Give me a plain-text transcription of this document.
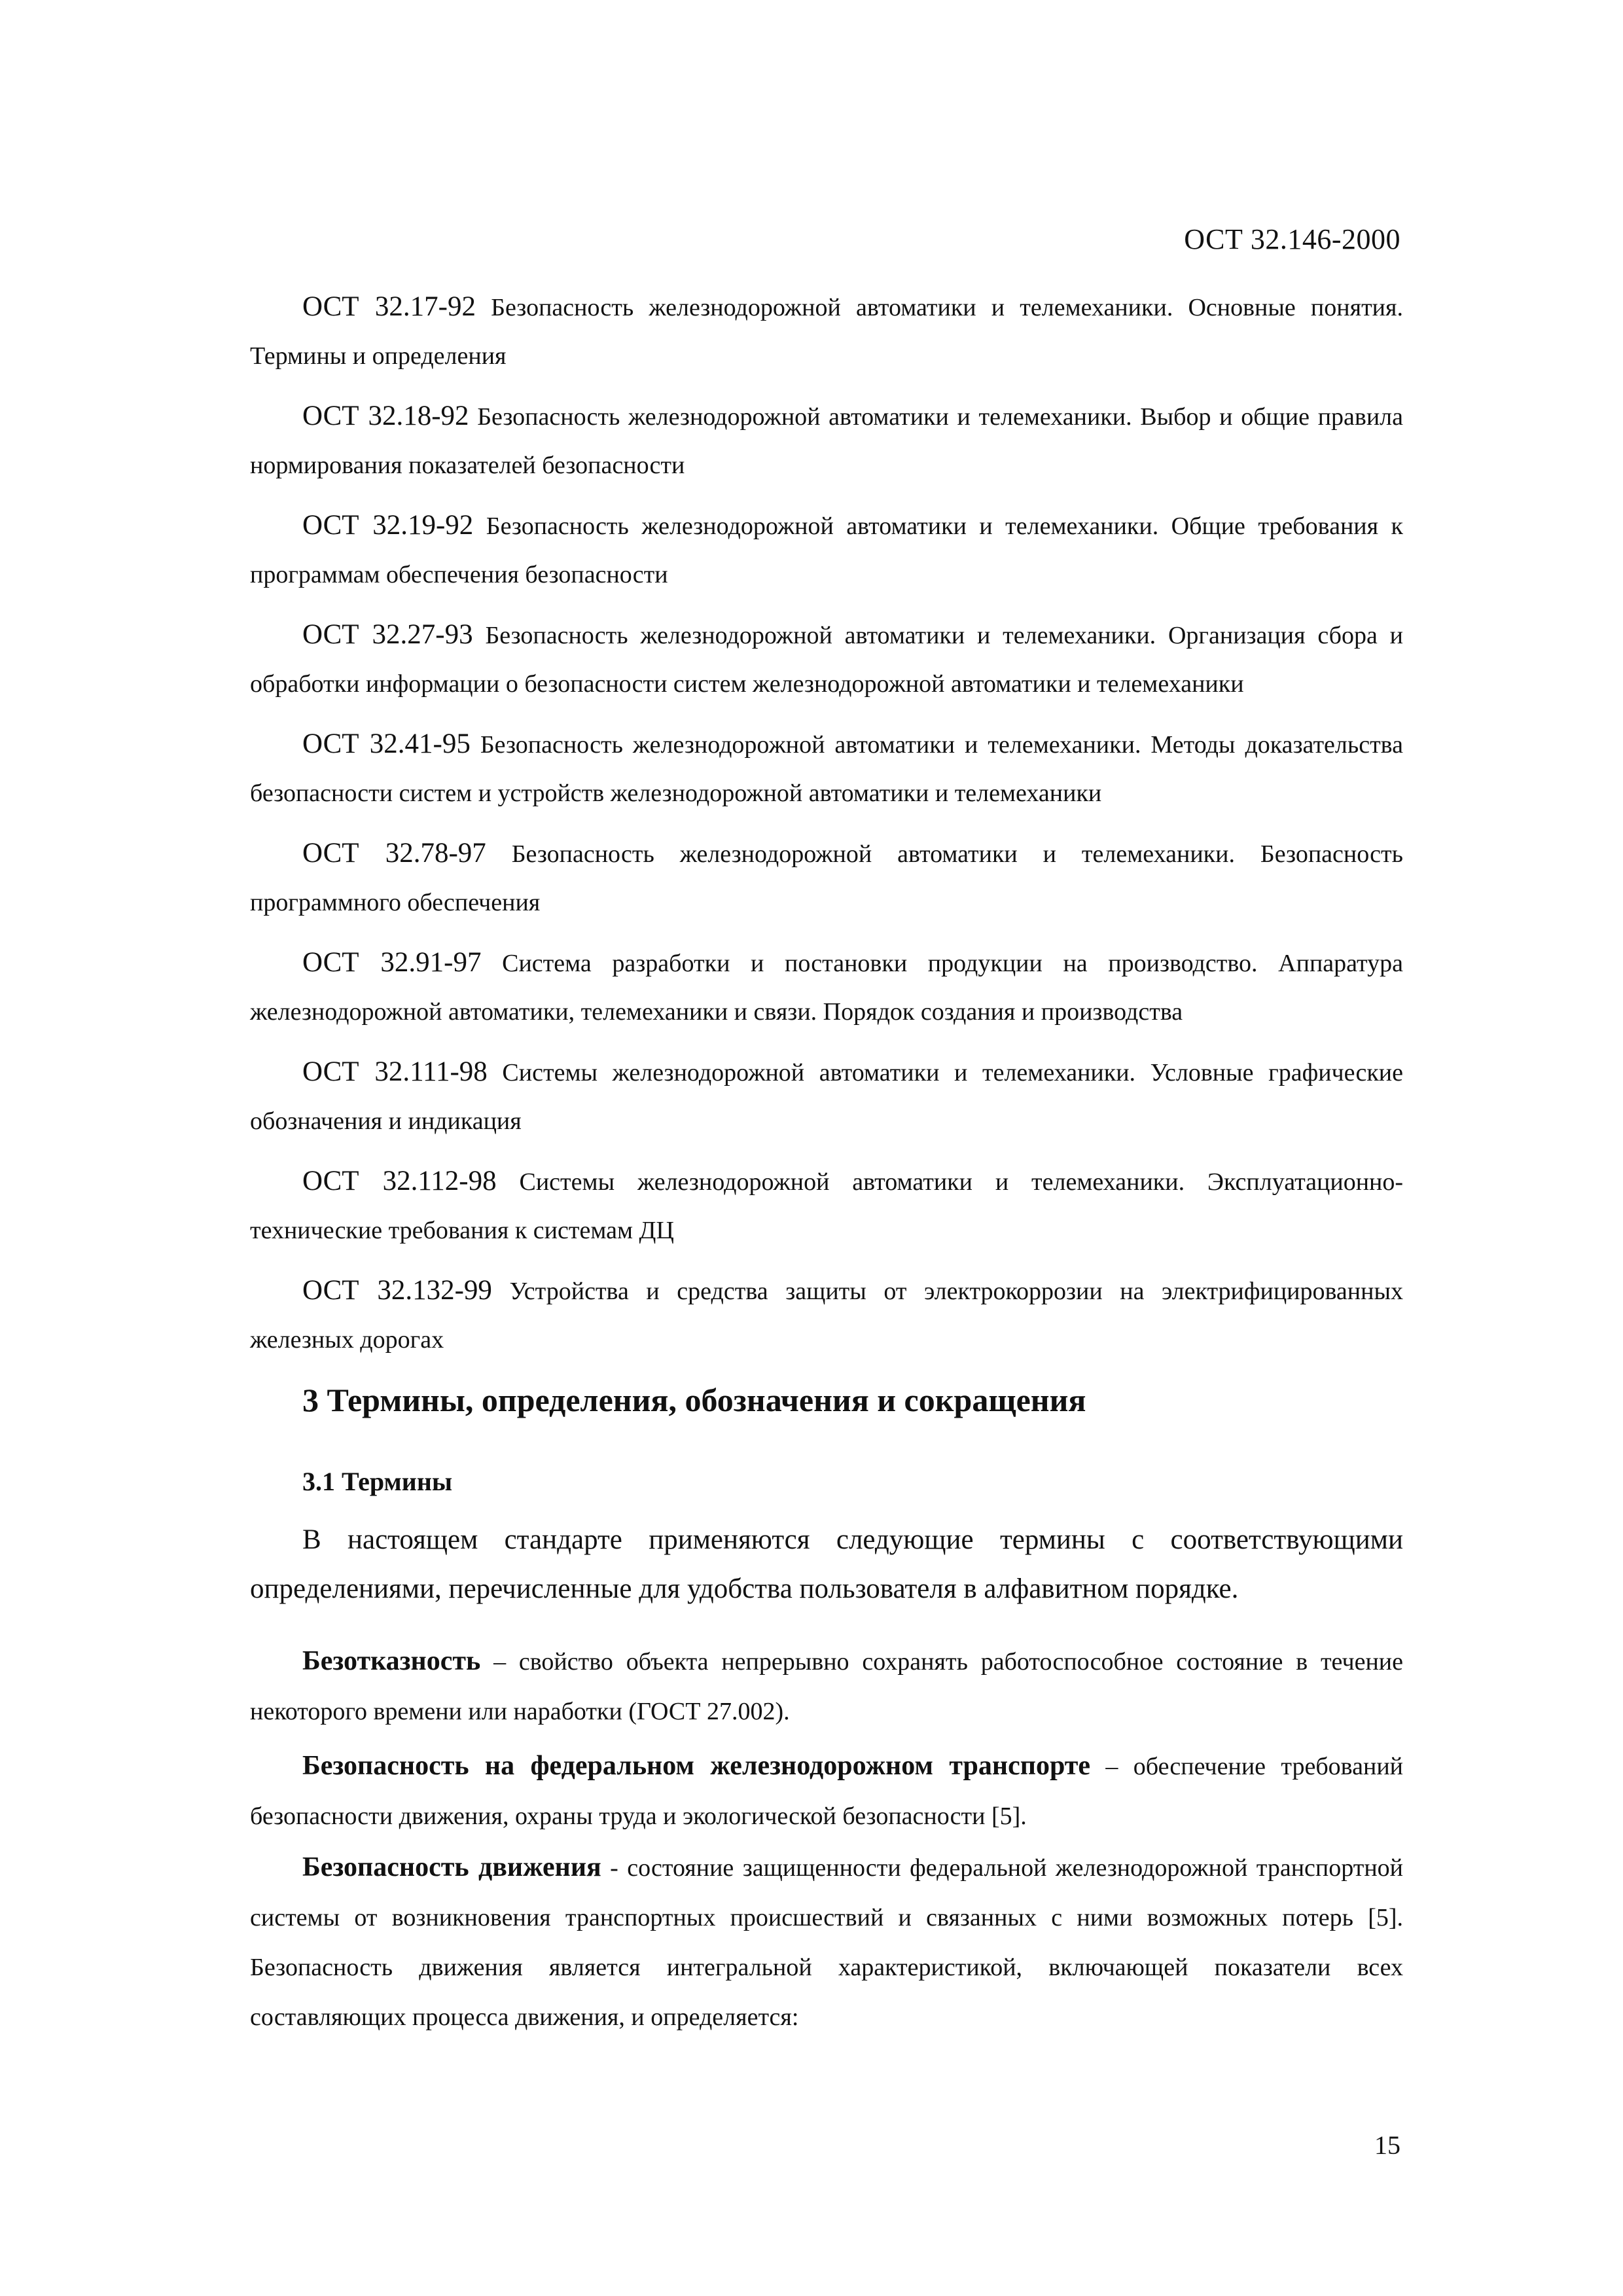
ОСТ 32.146-2000

ОСТ 32.17-92 Безопасность железнодорожной автоматики и телемеханики. Основные понятия. Термины и определения

ОСТ 32.18-92 Безопасность железнодорожной автоматики и телемеханики. Выбор и общие правила нормирования показателей безопасности

ОСТ 32.19-92 Безопасность железнодорожной автоматики и телемеханики. Общие требования к программам обеспечения безопасности

ОСТ 32.27-93 Безопасность железнодорожной автоматики и телемеханики. Организация сбора и обработки информации о безопасности систем железнодорожной автоматики и телемеханики

ОСТ 32.41-95 Безопасность железнодорожной автоматики и телемеханики. Методы доказательства безопасности систем и устройств железнодорожной автоматики и телемеханики

ОСТ 32.78-97 Безопасность железнодорожной автоматики и телемеханики. Безопасность программного обеспечения

ОСТ 32.91-97 Система разработки и постановки продукции на производство. Аппаратура железнодорожной автоматики, телемеханики и связи. Порядок создания и производства

ОСТ 32.111-98 Системы железнодорожной автоматики и телемеханики. Условные графические обозначения и индикация

ОСТ 32.112-98 Системы железнодорожной автоматики и телемеханики. Эксплуатационно-технические требования к системам ДЦ

ОСТ 32.132-99 Устройства и средства защиты от электрокоррозии на электрифицированных железных дорогах

3 Термины, определения, обозначения и сокращения
3.1 Термины

В настоящем стандарте применяются следующие термины с соответствующими определениями, перечисленные для удобства пользователя в алфавитном порядке.

Безотказность – свойство объекта непрерывно сохранять работоспособное состояние в течение некоторого времени или наработки (ГОСТ 27.002).

Безопасность на федеральном железнодорожном транспорте – обеспечение требований безопасности движения, охраны труда и экологической безопасности [5].

Безопасность движения - состояние защищенности федеральной железнодорожной транспортной системы от возникновения транспортных происшествий и связанных с ними возможных потерь [5]. Безопасность движения является интегральной характеристикой, включающей показатели всех составляющих процесса движения, и определяется:

15
